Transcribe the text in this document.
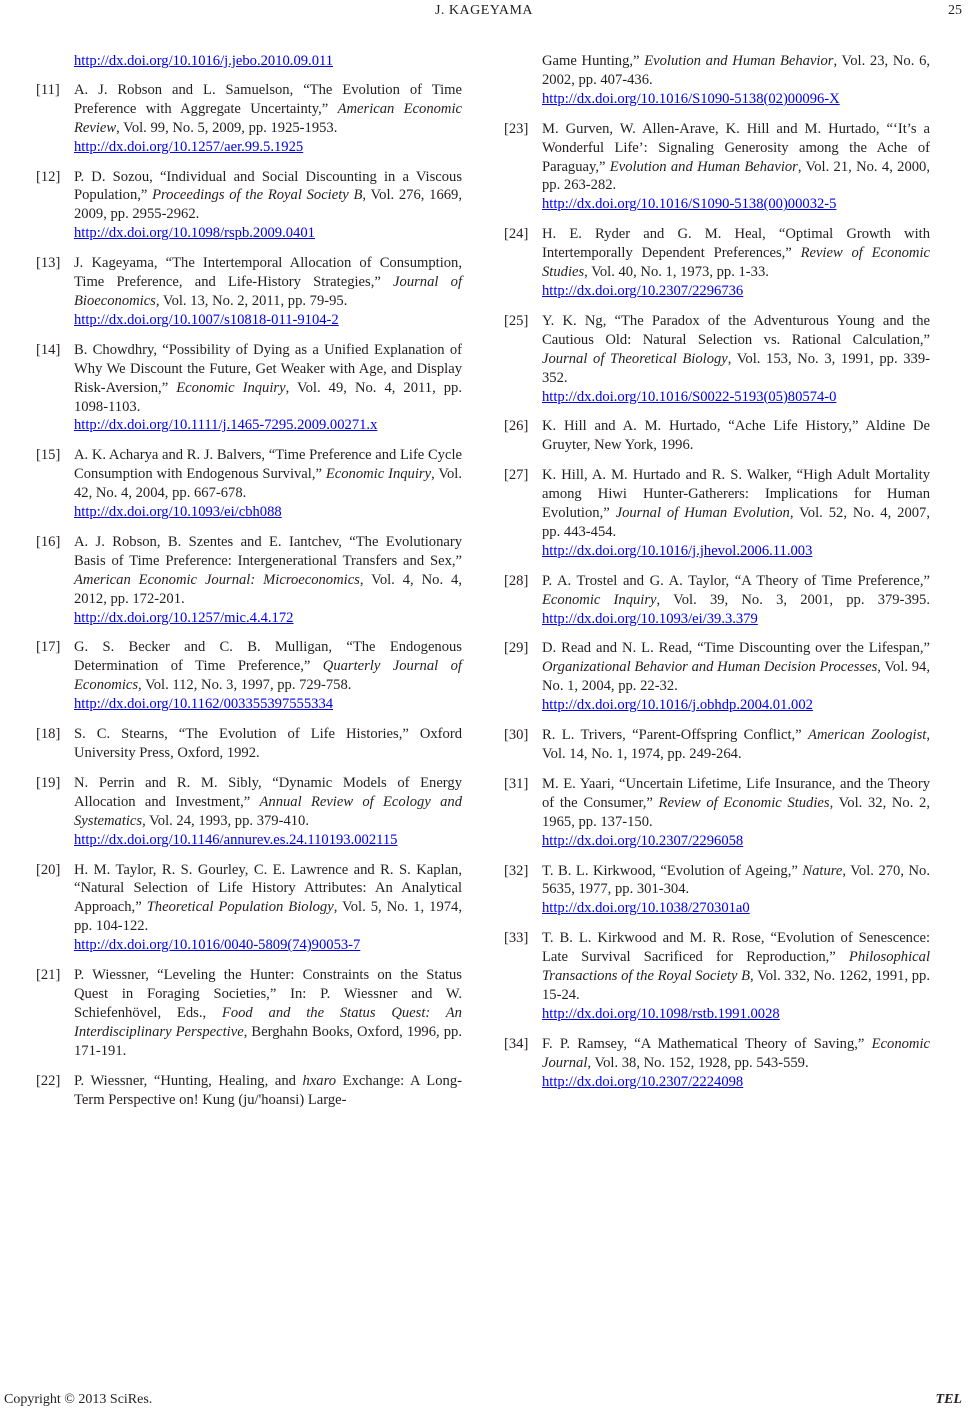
J. KAGEYAMA	25
http://dx.doi.org/10.1016/j.jebo.2010.09.011
[11] A. J. Robson and L. Samuelson, “The Evolution of Time Preference with Aggregate Uncertainty,” American Economic Review, Vol. 99, No. 5, 2009, pp. 1925-1953.
http://dx.doi.org/10.1257/aer.99.5.1925
[12] P. D. Sozou, “Individual and Social Discounting in a Viscous Population,” Proceedings of the Royal Society B, Vol. 276, 1669, 2009, pp. 2955-2962.
http://dx.doi.org/10.1098/rspb.2009.0401
[13] J. Kageyama, “The Intertemporal Allocation of Consumption, Time Preference, and Life-History Strategies,” Journal of Bioeconomics, Vol. 13, No. 2, 2011, pp. 79-95.
http://dx.doi.org/10.1007/s10818-011-9104-2
[14] B. Chowdhry, “Possibility of Dying as a Unified Explanation of Why We Discount the Future, Get Weaker with Age, and Display Risk-Aversion,” Economic Inquiry, Vol. 49, No. 4, 2011, pp. 1098-1103.
http://dx.doi.org/10.1111/j.1465-7295.2009.00271.x
[15] A. K. Acharya and R. J. Balvers, “Time Preference and Life Cycle Consumption with Endogenous Survival,” Economic Inquiry, Vol. 42, No. 4, 2004, pp. 667-678.
http://dx.doi.org/10.1093/ei/cbh088
[16] A. J. Robson, B. Szentes and E. Iantchev, “The Evolutionary Basis of Time Preference: Intergenerational Transfers and Sex,” American Economic Journal: Microeconomics, Vol. 4, No. 4, 2012, pp. 172-201.
http://dx.doi.org/10.1257/mic.4.4.172
[17] G. S. Becker and C. B. Mulligan, “The Endogenous Determination of Time Preference,” Quarterly Journal of Economics, Vol. 112, No. 3, 1997, pp. 729-758.
http://dx.doi.org/10.1162/003355397555334
[18] S. C. Stearns, “The Evolution of Life Histories,” Oxford University Press, Oxford, 1992.
[19] N. Perrin and R. M. Sibly, “Dynamic Models of Energy Allocation and Investment,” Annual Review of Ecology and Systematics, Vol. 24, 1993, pp. 379-410.
http://dx.doi.org/10.1146/annurev.es.24.110193.002115
[20] H. M. Taylor, R. S. Gourley, C. E. Lawrence and R. S. Kaplan, “Natural Selection of Life History Attributes: An Analytical Approach,” Theoretical Population Biology, Vol. 5, No. 1, 1974, pp. 104-122.
http://dx.doi.org/10.1016/0040-5809(74)90053-7
[21] P. Wiessner, “Leveling the Hunter: Constraints on the Status Quest in Foraging Societies,” In: P. Wiessner and W. Schiefenhövel, Eds., Food and the Status Quest: An Interdisciplinary Perspective, Berghahn Books, Oxford, 1996, pp. 171-191.
[22] P. Wiessner, “Hunting, Healing, and hxaro Exchange: A Long-Term Perspective on! Kung (ju/'hoansi) Large-
Game Hunting,” Evolution and Human Behavior, Vol. 23, No. 6, 2002, pp. 407-436.
http://dx.doi.org/10.1016/S1090-5138(02)00096-X
[23] M. Gurven, W. Allen-Arave, K. Hill and M. Hurtado, “‘It’s a Wonderful Life’: Signaling Generosity among the Ache of Paraguay,” Evolution and Human Behavior, Vol. 21, No. 4, 2000, pp. 263-282.
http://dx.doi.org/10.1016/S1090-5138(00)00032-5
[24] H. E. Ryder and G. M. Heal, “Optimal Growth with Intertemporally Dependent Preferences,” Review of Economic Studies, Vol. 40, No. 1, 1973, pp. 1-33.
http://dx.doi.org/10.2307/2296736
[25] Y. K. Ng, “The Paradox of the Adventurous Young and the Cautious Old: Natural Selection vs. Rational Calculation,” Journal of Theoretical Biology, Vol. 153, No. 3, 1991, pp. 339-352.
http://dx.doi.org/10.1016/S0022-5193(05)80574-0
[26] K. Hill and A. M. Hurtado, “Ache Life History,” Aldine De Gruyter, New York, 1996.
[27] K. Hill, A. M. Hurtado and R. S. Walker, “High Adult Mortality among Hiwi Hunter-Gatherers: Implications for Human Evolution,” Journal of Human Evolution, Vol. 52, No. 4, 2007, pp. 443-454.
http://dx.doi.org/10.1016/j.jhevol.2006.11.003
[28] P. A. Trostel and G. A. Taylor, “A Theory of Time Preference,” Economic Inquiry, Vol. 39, No. 3, 2001, pp. 379-395. http://dx.doi.org/10.1093/ei/39.3.379
[29] D. Read and N. L. Read, “Time Discounting over the Lifespan,” Organizational Behavior and Human Decision Processes, Vol. 94, No. 1, 2004, pp. 22-32.
http://dx.doi.org/10.1016/j.obhdp.2004.01.002
[30] R. L. Trivers, “Parent-Offspring Conflict,” American Zoologist, Vol. 14, No. 1, 1974, pp. 249-264.
[31] M. E. Yaari, “Uncertain Lifetime, Life Insurance, and the Theory of the Consumer,” Review of Economic Studies, Vol. 32, No. 2, 1965, pp. 137-150.
http://dx.doi.org/10.2307/2296058
[32] T. B. L. Kirkwood, “Evolution of Ageing,” Nature, Vol. 270, No. 5635, 1977, pp. 301-304.
http://dx.doi.org/10.1038/270301a0
[33] T. B. L. Kirkwood and M. R. Rose, “Evolution of Senescence: Late Survival Sacrificed for Reproduction,” Philosophical Transactions of the Royal Society B, Vol. 332, No. 1262, 1991, pp. 15-24.
http://dx.doi.org/10.1098/rstb.1991.0028
[34] F. P. Ramsey, “A Mathematical Theory of Saving,” Economic Journal, Vol. 38, No. 152, 1928, pp. 543-559.
http://dx.doi.org/10.2307/2224098
Copyright © 2013 SciRes.	TEL
